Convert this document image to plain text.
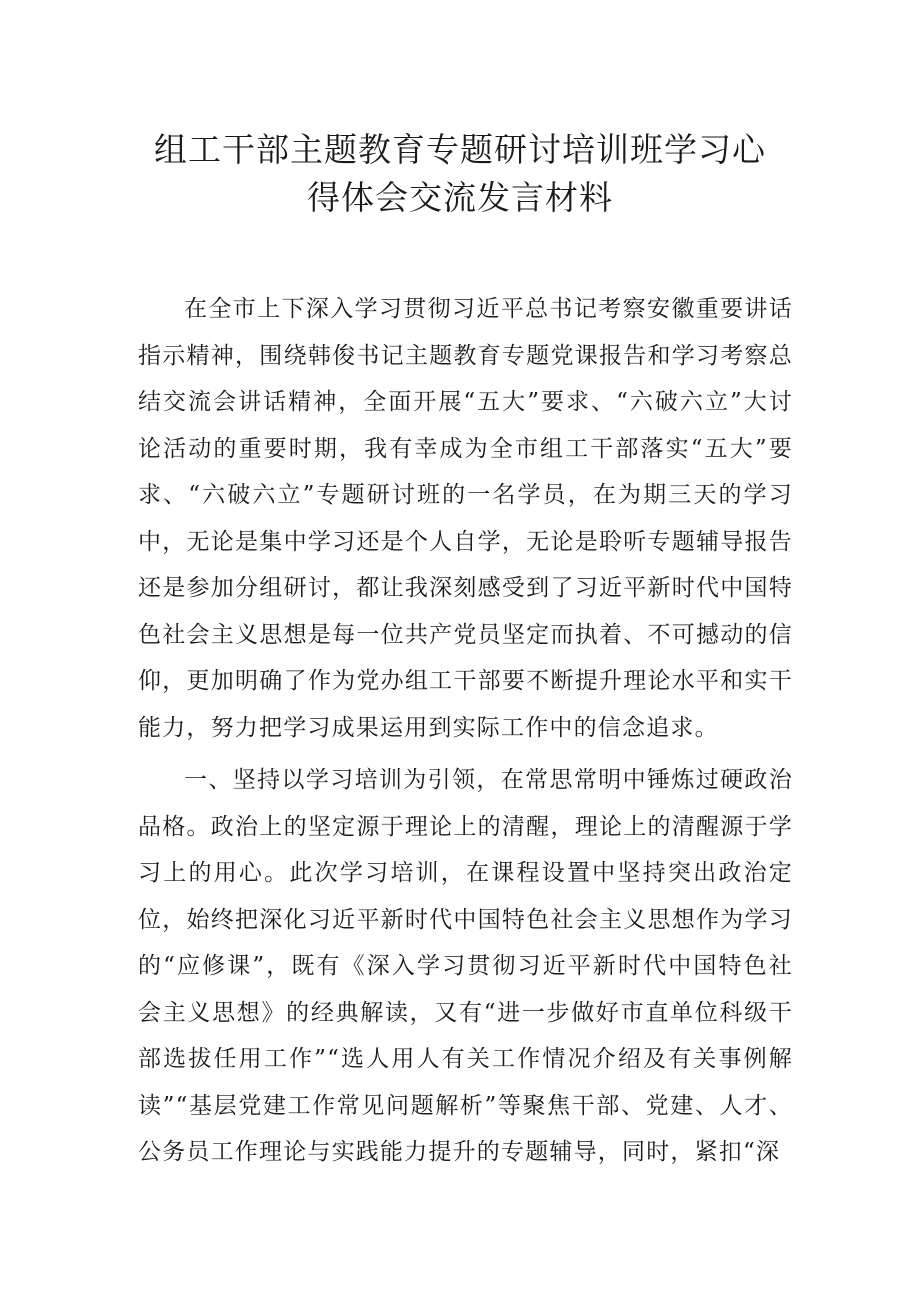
组工干部主题教育专题研讨培训班学习心
得体会交流发言材料

在全市上下深入学习贯彻习近平总书记考察安徽重要讲话指示精神，围绕韩俊书记主题教育专题党课报告和学习考察总结交流会讲话精神，全面开展“五大”要求、“六破六立”大讨论活动的重要时期，我有幸成为全市组工干部落实“五大”要求、“六破六立”专题研讨班的一名学员，在为期三天的学习中，无论是集中学习还是个人自学，无论是聆听专题辅导报告还是参加分组研讨，都让我深刻感受到了习近平新时代中国特色社会主义思想是每一位共产党员坚定而执着、不可撼动的信仰，更加明确了作为党办组工干部要不断提升理论水平和实干能力，努力把学习成果运用到实际工作中的信念追求。

一、坚持以学习培训为引领，在常思常明中锤炼过硬政治品格。政治上的坚定源于理论上的清醒，理论上的清醒源于学习上的用心。此次学习培训，在课程设置中坚持突出政治定位，始终把深化习近平新时代中国特色社会主义思想作为学习的“应修课”，既有《深入学习贯彻习近平新时代中国特色社会主义思想》的经典解读，又有“进一步做好市直单位科级干部选拔任用工作”“选人用人有关工作情况介绍及有关事例解读”“基层党建工作常见问题解析”等聚焦干部、党建、人才、公务员工作理论与实践能力提升的专题辅导，同时，紧扣“深
